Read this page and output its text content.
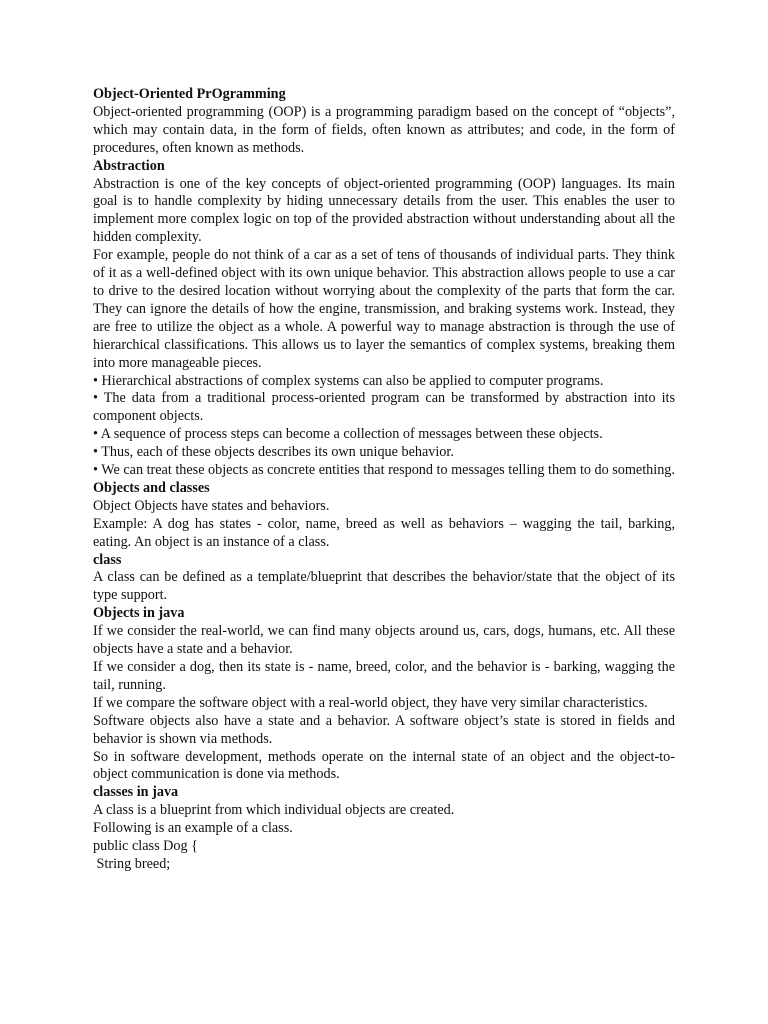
Object-Oriented PrOgramming

Object-oriented programming (OOP) is a programming paradigm based on the concept of “objects”, which may contain data, in the form of fields, often known as attributes; and code, in the form of procedures, often known as methods.

Abstraction

Abstraction is one of the key concepts of object-oriented programming (OOP) languages. Its main goal is to handle complexity by hiding unnecessary details from the user. This enables the user to implement more complex logic on top of the provided abstraction without understanding about all the hidden complexity.

For example, people do not think of a car as a set of tens of thousands of individual parts. They think of it as a well-defined object with its own unique behavior. This abstraction allows people to use a car to drive to the desired location without worrying about the complexity of the parts that form the car. They can ignore the details of how the engine, transmission, and braking systems work. Instead, they are free to utilize the object as a whole. A powerful way to manage abstraction is through the use of hierarchical classifications. This allows us to layer the semantics of complex systems, breaking them into more manageable pieces.

• Hierarchical abstractions of complex systems can also be applied to computer programs.

• The data from a traditional process-oriented program can be transformed by abstraction into its component objects.

• A sequence of process steps can become a collection of messages between these objects.

• Thus, each of these objects describes its own unique behavior.

• We can treat these objects as concrete entities that respond to messages telling them to do something.

Objects and classes

Object Objects have states and behaviors.

Example: A dog has states - color, name, breed as well as behaviors – wagging the tail, barking, eating. An object is an instance of a class.

class

A class can be defined as a template/blueprint that describes the behavior/state that the object of its type support.

Objects in java

If we consider the real-world, we can find many objects around us, cars, dogs, humans, etc. All these objects have a state and a behavior.

If we consider a dog, then its state is - name, breed, color, and the behavior is - barking, wagging the tail, running.

If we compare the software object with a real-world object, they have very similar characteristics.

Software objects also have a state and a behavior. A software object’s state is stored in fields and behavior is shown via methods.

So in software development, methods operate on the internal state of an object and the object-to-object communication is done via methods.

classes in java

A class is a blueprint from which individual objects are created.

Following is an example of a class.

public class Dog {

String breed;
